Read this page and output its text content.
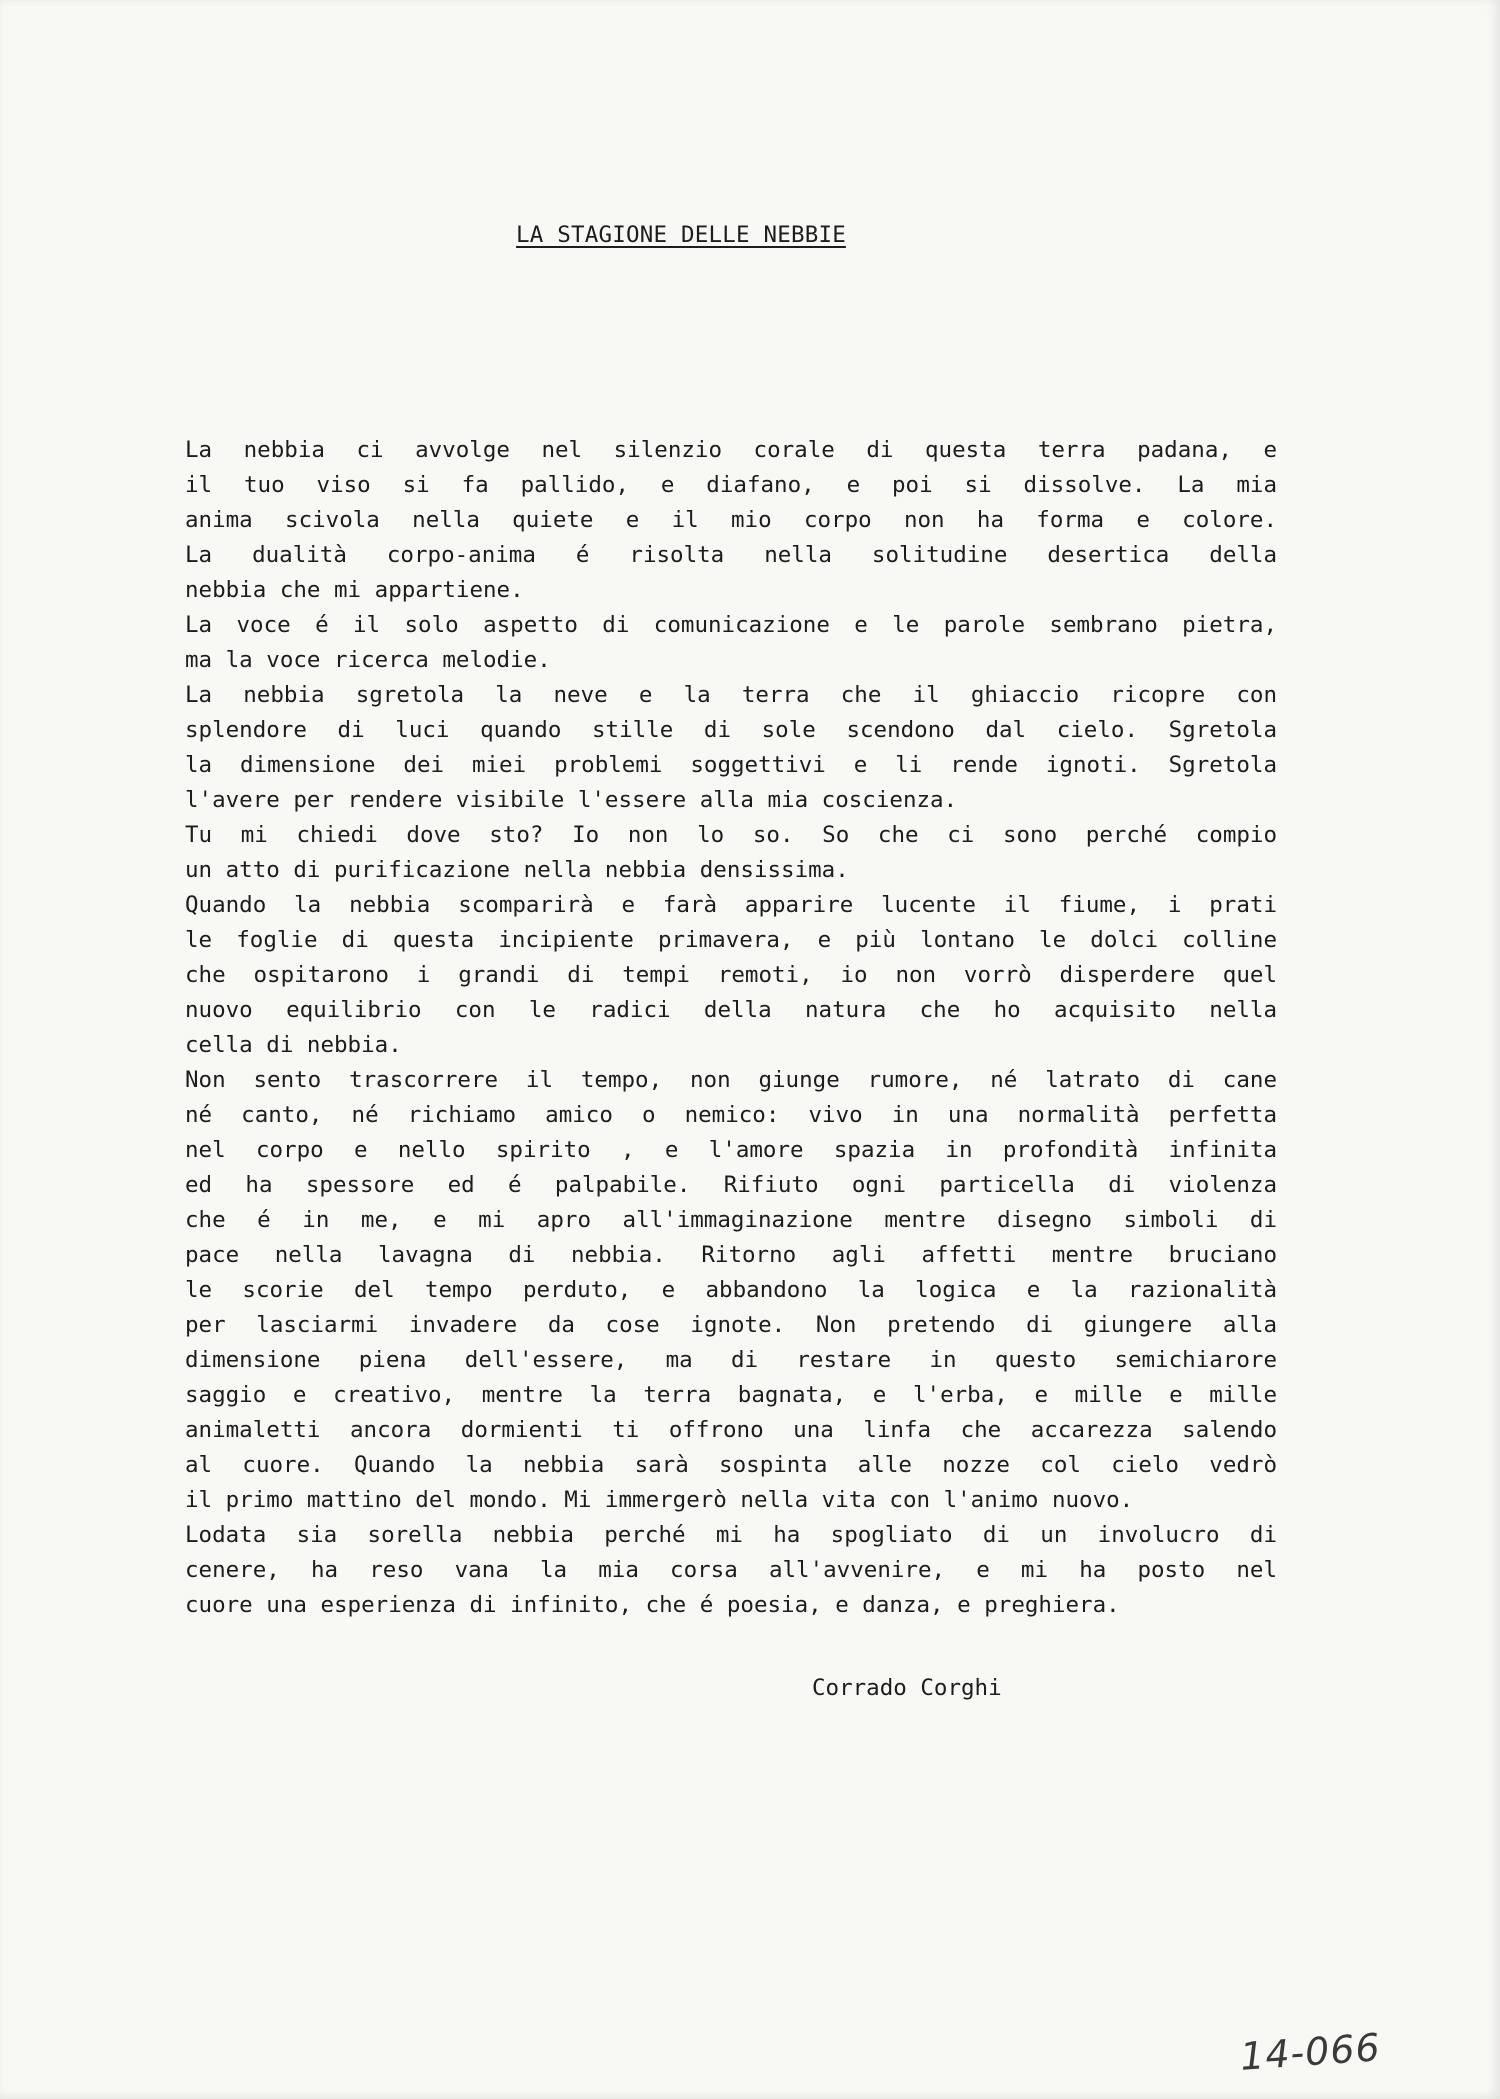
LA STAGIONE DELLE NEBBIE
La nebbia ci avvolge nel silenzio corale di questa terra padana, e
il tuo viso si fa pallido, e diafano, e poi si dissolve. La mia
anima scivola nella quiete e il mio corpo non ha forma e colore.
La dualità corpo-anima é risolta nella solitudine desertica della
nebbia che mi appartiene.
La voce é il solo aspetto di comunicazione e le parole sembrano pietra,
ma la voce ricerca melodie.
La nebbia sgretola la neve e la terra che il ghiaccio ricopre con
splendore di luci quando stille di sole scendono dal cielo. Sgretola
la dimensione dei miei problemi soggettivi e li rende ignoti. Sgretola
l'avere per rendere visibile l'essere alla mia coscienza.
Tu mi chiedi dove sto? Io non lo so. So che ci sono perché compio
un atto di purificazione nella nebbia densissima.
Quando la nebbia scomparirà e farà apparire lucente il fiume, i prati
le foglie di questa incipiente primavera, e più lontano le dolci colline
che ospitarono i grandi di tempi remoti, io non vorrò disperdere quel
nuovo equilibrio con le radici della natura che ho acquisito nella
cella di nebbia.
Non sento trascorrere il tempo, non giunge rumore, né latrato di cane
né canto, né richiamo amico o nemico: vivo in una normalità perfetta
nel corpo e nello spirito , e l'amore spazia in profondità infinita
ed ha spessore ed é palpabile. Rifiuto ogni particella di violenza
che é in me, e mi apro all'immaginazione mentre disegno simboli di
pace nella lavagna di nebbia. Ritorno agli affetti mentre bruciano
le scorie del tempo perduto, e abbandono la logica e la razionalità
per lasciarmi invadere da cose ignote. Non pretendo di giungere alla
dimensione piena dell'essere, ma di restare in questo semichiarore
saggio e creativo, mentre la terra bagnata, e l'erba, e mille e mille
animaletti ancora dormienti ti offrono una linfa che accarezza salendo
al cuore. Quando la nebbia sarà sospinta alle nozze col cielo vedrò
il primo mattino del mondo. Mi immergerò nella vita con l'animo nuovo.
Lodata sia sorella nebbia perché mi ha spogliato di un involucro di
cenere, ha reso vana la mia corsa all'avvenire, e mi ha posto nel
cuore una esperienza di infinito, che é poesia, e danza, e preghiera.
Corrado Corghi
14-066
